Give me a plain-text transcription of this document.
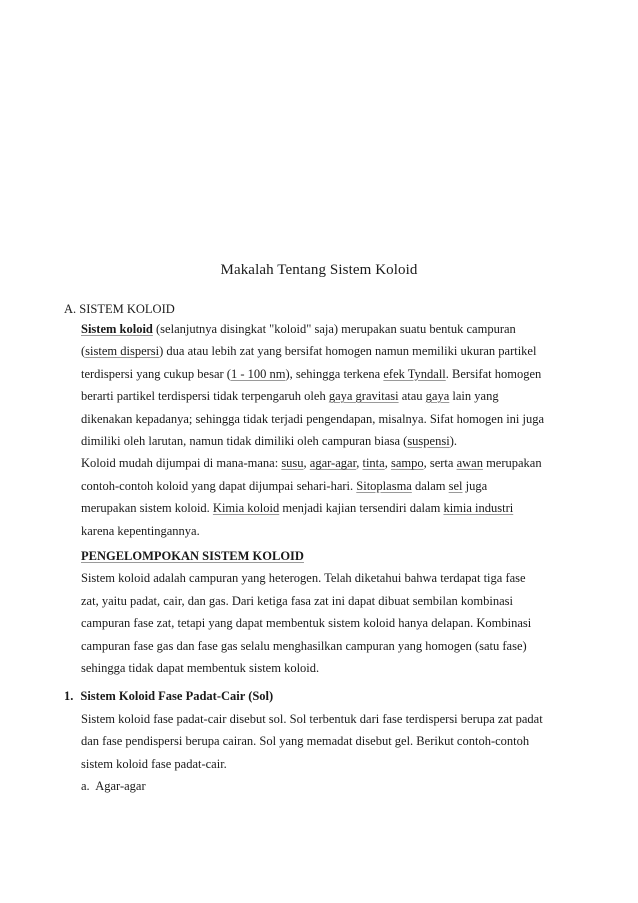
Makalah Tentang Sistem Koloid
A. SISTEM KOLOID
Sistem koloid (selanjutnya disingkat "koloid" saja) merupakan suatu bentuk campuran
(sistem dispersi) dua atau lebih zat yang bersifat homogen namun memiliki ukuran partikel
terdispersi yang cukup besar (1 - 100 nm), sehingga terkena efek Tyndall. Bersifat homogen
berarti partikel terdispersi tidak terpengaruh oleh gaya gravitasi atau gaya lain yang
dikenakan kepadanya; sehingga tidak terjadi pengendapan, misalnya. Sifat homogen ini juga
dimiliki oleh larutan, namun tidak dimiliki oleh campuran biasa (suspensi).
Koloid mudah dijumpai di mana-mana: susu, agar-agar, tinta, sampo, serta awan merupakan
contoh-contoh koloid yang dapat dijumpai sehari-hari. Sitoplasma dalam sel juga
merupakan sistem koloid. Kimia koloid menjadi kajian tersendiri dalam kimia industri
karena kepentingannya.
PENGELOMPOKAN SISTEM KOLOID
Sistem koloid adalah campuran yang heterogen. Telah diketahui bahwa terdapat tiga fase
zat, yaitu padat, cair, dan gas. Dari ketiga fasa zat ini dapat dibuat sembilan kombinasi
campuran fase zat, tetapi yang dapat membentuk sistem koloid hanya delapan. Kombinasi
campuran fase gas dan fase gas selalu menghasilkan campuran yang homogen (satu fase)
sehingga tidak dapat membentuk sistem koloid.
1. Sistem Koloid Fase Padat-Cair (Sol)
Sistem koloid fase padat-cair disebut sol. Sol terbentuk dari fase terdispersi berupa zat padat
dan fase pendispersi berupa cairan. Sol yang memadat disebut gel. Berikut contoh-contoh
sistem koloid fase padat-cair.
a.  Agar-agar
